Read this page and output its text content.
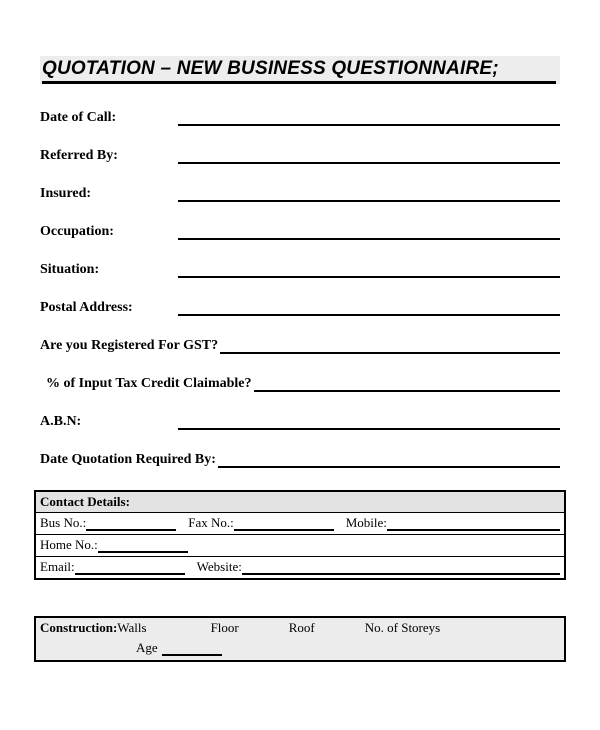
QUOTATION – NEW BUSINESS QUESTIONNAIRE;
Date of Call:
Referred By:
Insured:
Occupation:
Situation:
Postal Address:
Are you Registered For GST?
% of Input Tax Credit Claimable?
A.B.N:
Date Quotation Required By:
Contact Details:
Bus No.:	Fax No.:	Mobile:
Home No.:
Email:	Website:
Construction: Walls	Floor	Roof	No. of Storeys
Age
